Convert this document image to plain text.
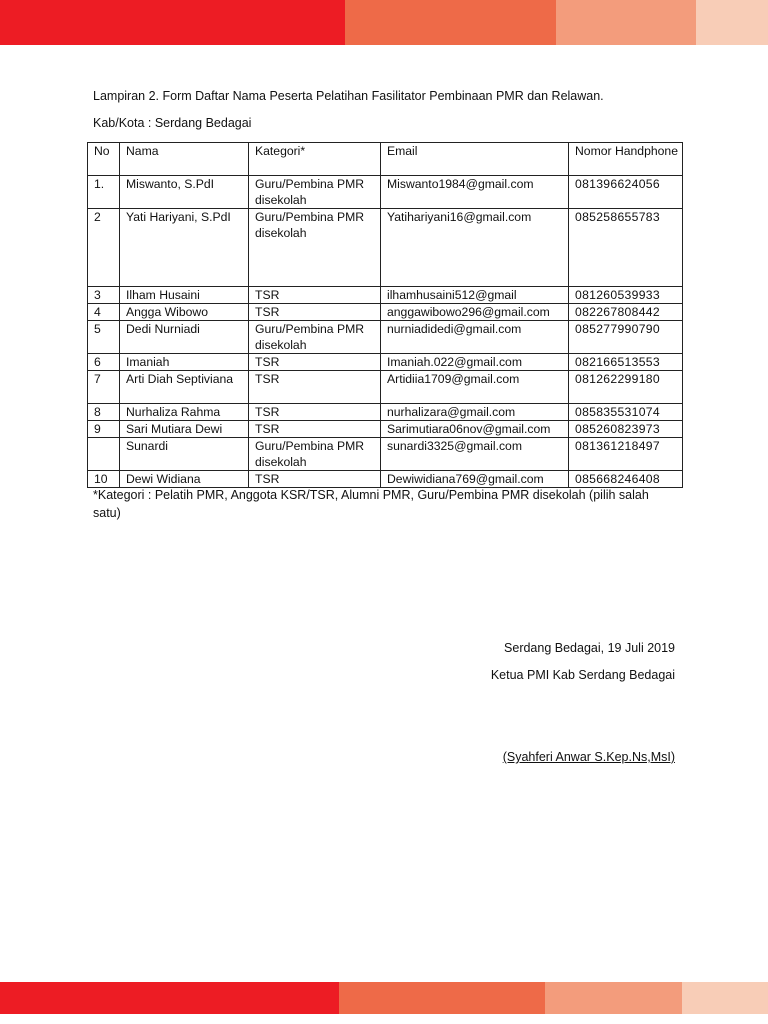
Lampiran 2. Form Daftar Nama Peserta Pelatihan Fasilitator Pembinaan PMR dan Relawan.
Kab/Kota : Serdang Bedagai
No	Nama	Kategori*	Email	Nomor Handphone
1.	Miswanto, S.PdI	Guru/Pembina PMR disekolah	Miswanto1984@gmail.com	081396624056
2	Yati Hariyani, S.PdI	Guru/Pembina PMR disekolah	Yatihariyani16@gmail.com	085258655783
3	Ilham Husaini	TSR	ilhamhusaini512@gmail	081260539933
4	Angga Wibowo	TSR	anggawibowo296@gmail.com	082267808442
5	Dedi Nurniadi	Guru/Pembina PMR disekolah	nurniadidedi@gmail.com	085277990790
6	Imaniah	TSR	Imaniah.022@gmail.com	082166513553
7	Arti Diah Septiviana	TSR	Artidiia1709@gmail.com	081262299180
8	Nurhaliza Rahma	TSR	nurhalizara@gmail.com	085835531074
9	Sari Mutiara Dewi	TSR	Sarimutiara06nov@gmail.com	085260823973
	Sunardi	Guru/Pembina PMR disekolah	sunardi3325@gmail.com	081361218497
10	Dewi Widiana	TSR	Dewiwidiana769@gmail.com	085668246408
*Kategori : Pelatih PMR, Anggota KSR/TSR, Alumni PMR, Guru/Pembina PMR disekolah (pilih salah satu)
Serdang Bedagai, 19 Juli 2019
Ketua PMI Kab Serdang Bedagai
(Syahferi Anwar S.Kep.Ns,MsI)
